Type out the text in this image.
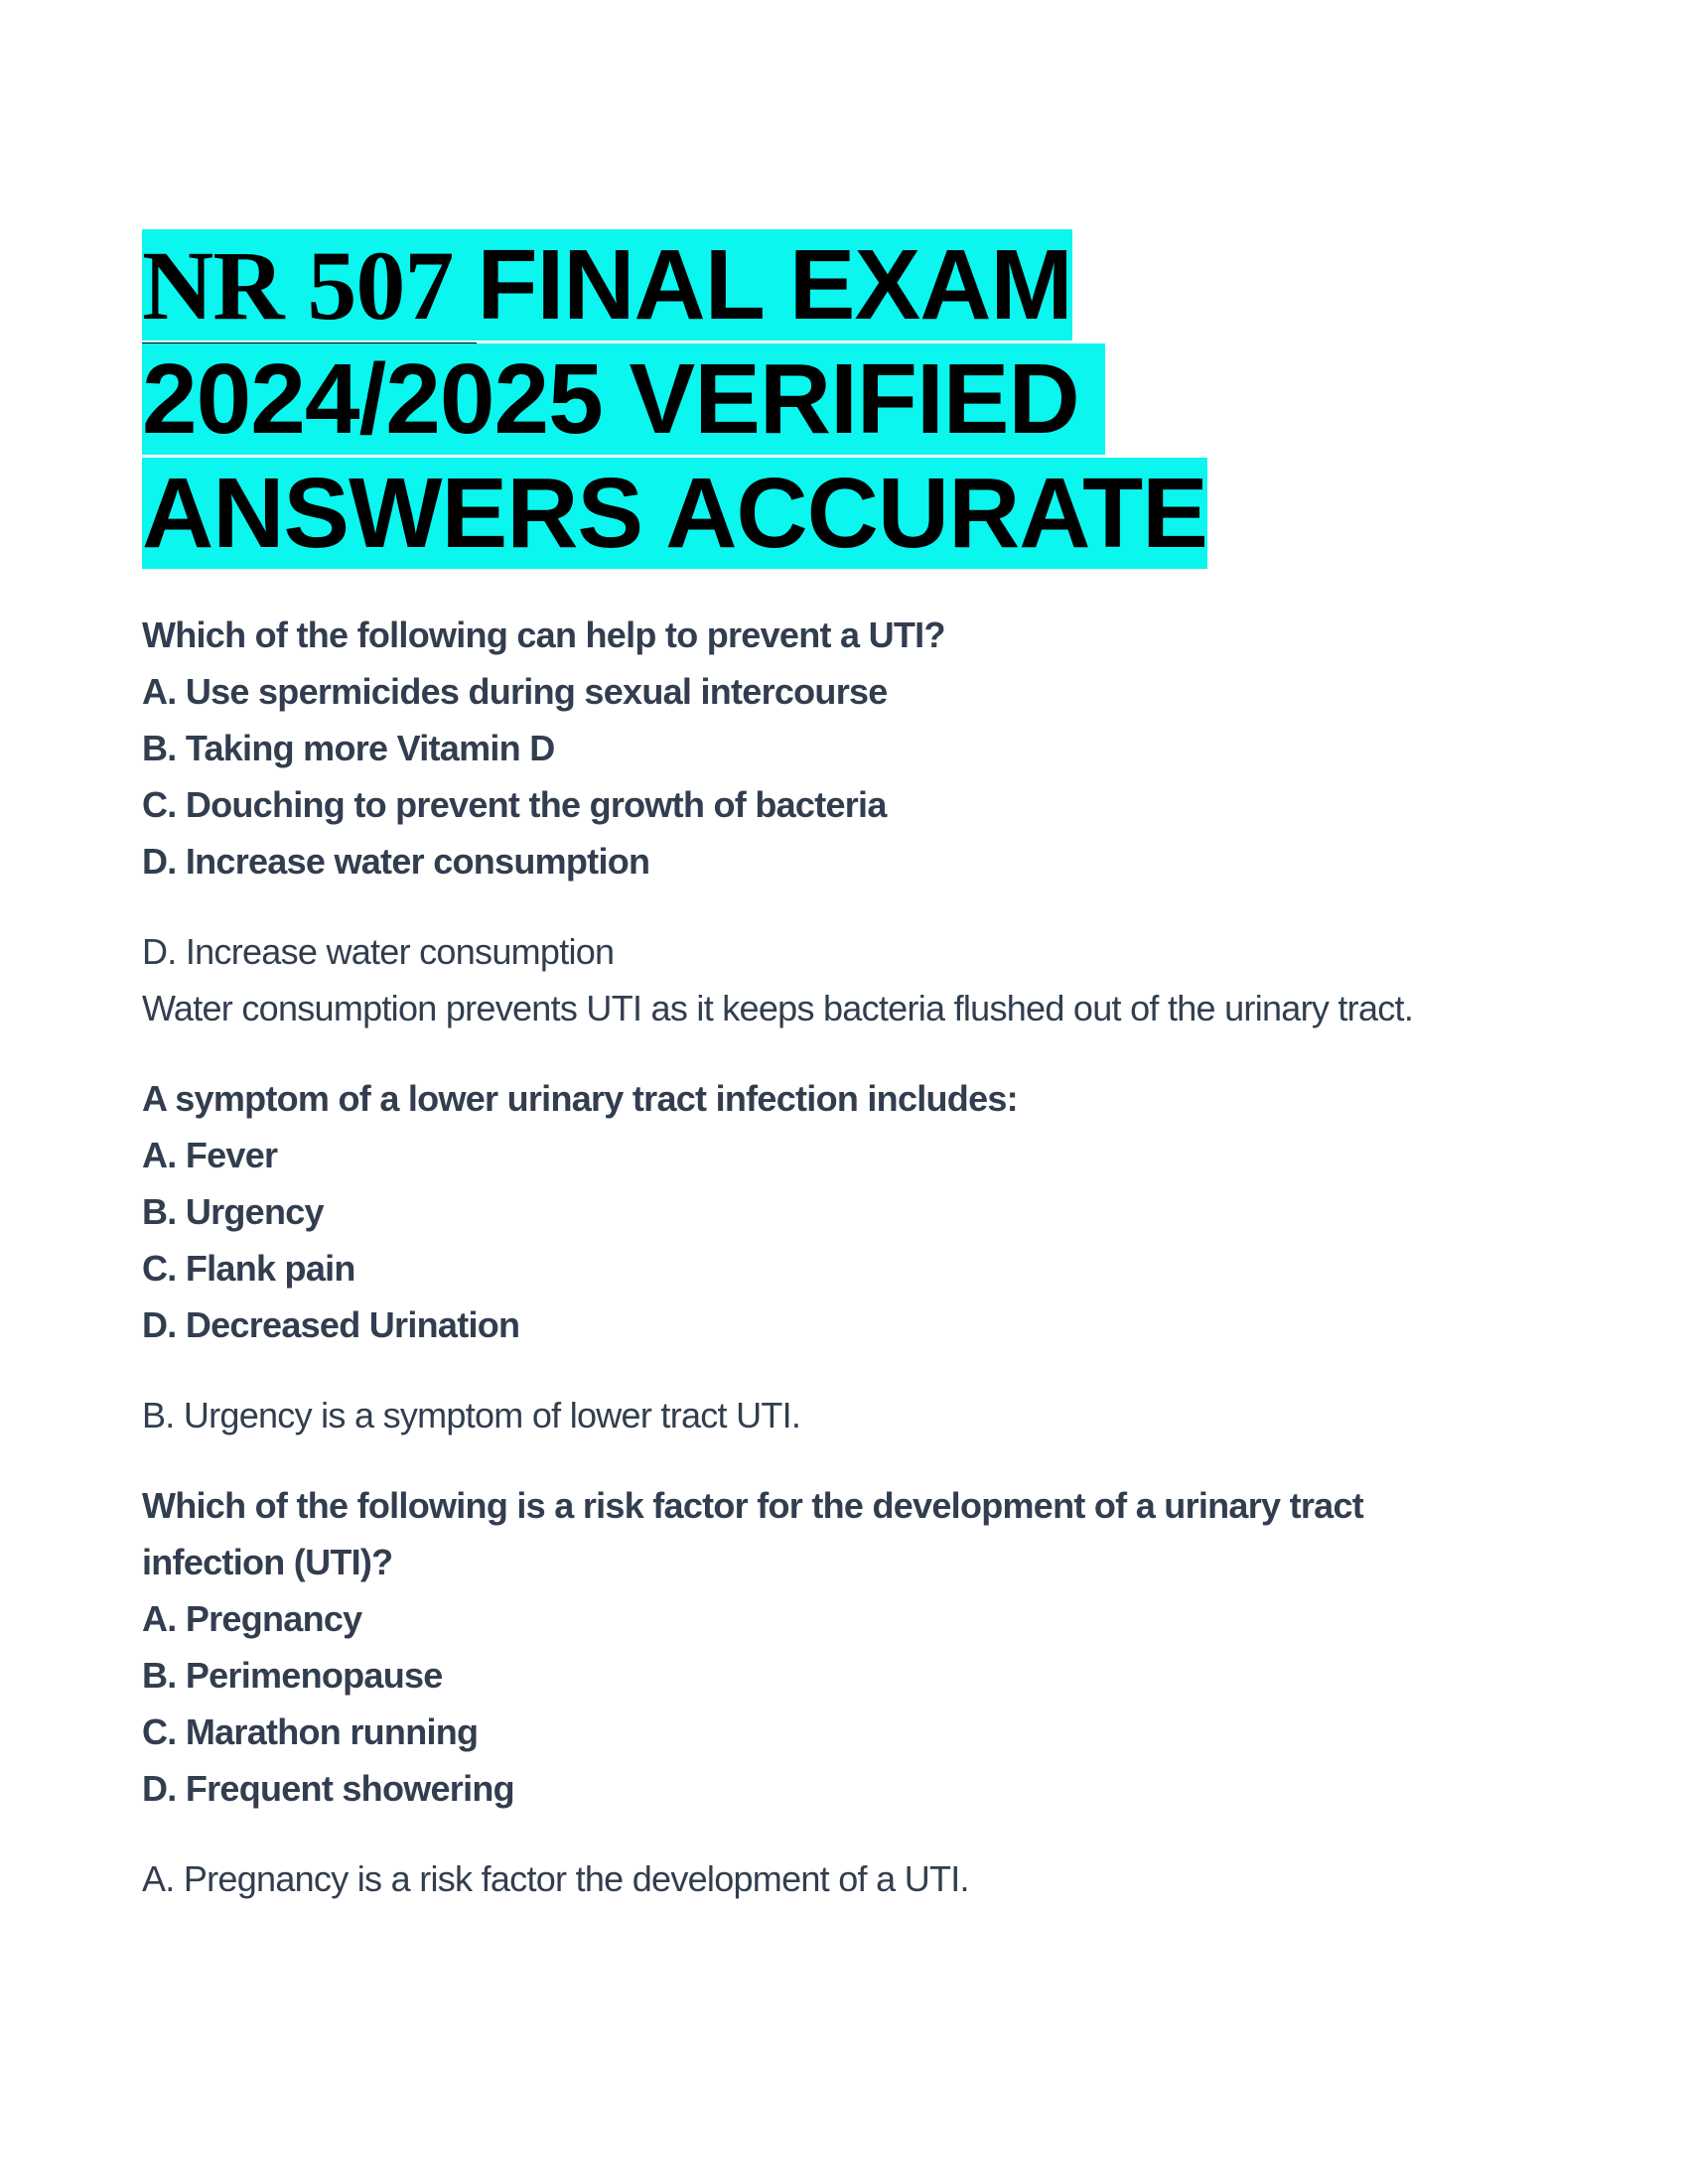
NR 507 FINAL EXAM
2024/2025 VERIFIED
ANSWERS ACCURATE
Which of the following can help to prevent a UTI?
A. Use spermicides during sexual intercourse
B. Taking more Vitamin D
C. Douching to prevent the growth of bacteria
D. Increase water consumption
D. Increase water consumption
Water consumption prevents UTI as it keeps bacteria flushed out of the urinary tract.
A symptom of a lower urinary tract infection includes:
A. Fever
B. Urgency
C. Flank pain
D. Decreased Urination
B. Urgency is a symptom of lower tract UTI.
Which of the following is a risk factor for the development of a urinary tract
infection (UTI)?
A. Pregnancy
B. Perimenopause
C. Marathon running
D. Frequent showering
A. Pregnancy is a risk factor the development of a UTI.
